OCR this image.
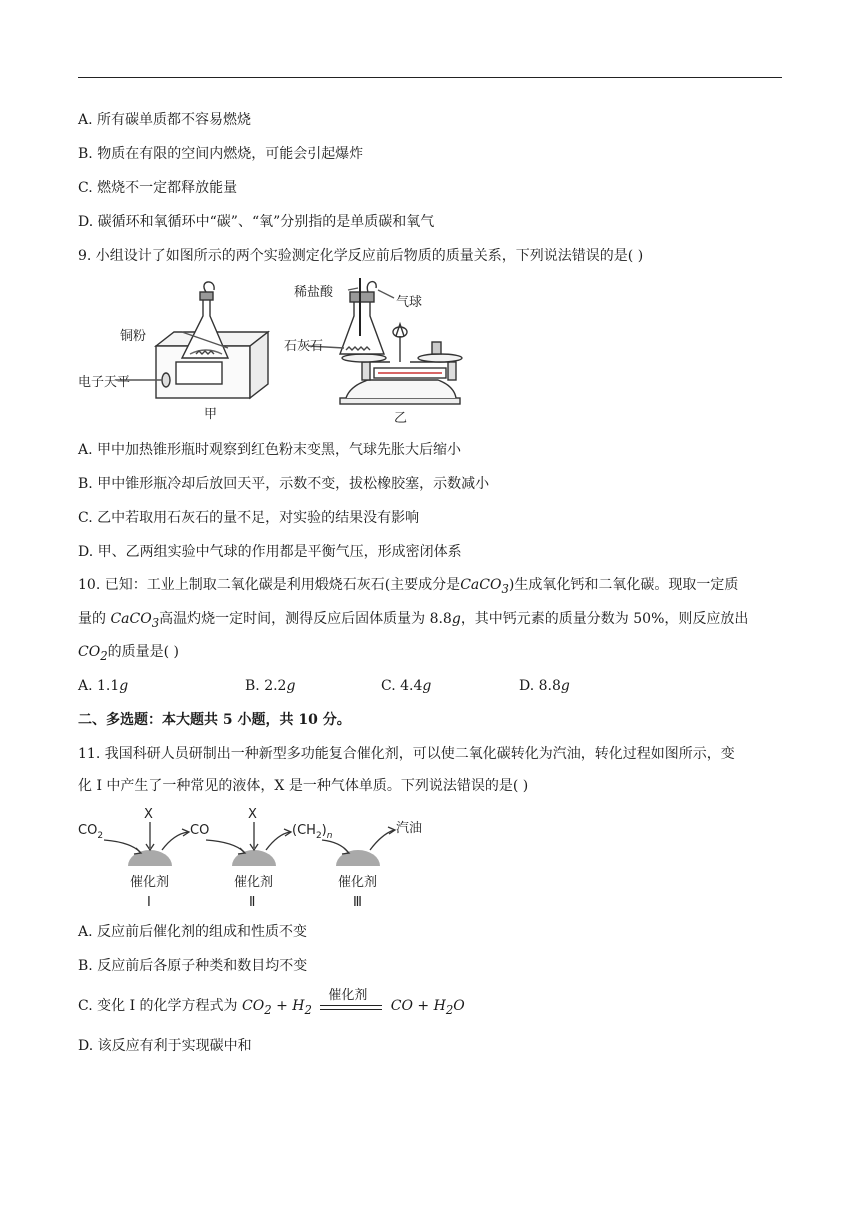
A. 所有碳单质都不容易燃烧
B. 物质在有限的空间内燃烧，可能会引起爆炸
C. 燃烧不一定都释放能量
D. 碳循环和氧循环中“碳”、“氧”分别指的是单质碳和氧气
9. 小组设计了如图所示的两个实验测定化学反应前后物质的质量关系，下列说法错误的是( )
铜粉
电子天平
甲
稀盐酸
气球
石灰石
乙
A. 甲中加热锥形瓶时观察到红色粉末变黑，气球先胀大后缩小
B. 甲中锥形瓶冷却后放回天平，示数不变，拔松橡胶塞，示数减小
C. 乙中若取用石灰石的量不足，对实验的结果没有影响
D. 甲、乙两组实验中气球的作用都是平衡气压，形成密闭体系
10. 已知：工业上制取二氧化碳是利用煅烧石灰石(主要成分是CaCO$_3$)生成氧化钙和二氧化碳。现取一定质
量的 CaCO$_3$高温灼烧一定时间，测得反应后固体质量为 8.8g，其中钙元素的质量分数为 50%，则反应放出
$CO_2$的质量是( )
A. 1.1g	B. 2.2g	C. 4.4g	D. 8.8g
二、多选题：本大题共 5 小题，共 10 分。
11. 我国科研人员研制出一种新型多功能复合催化剂，可以使二氧化碳转化为汽油，转化过程如图所示，变
化 I 中产生了一种常见的液体，X 是一种气体单质。下列说法错误的是( )
$CO_2$
X
CO
X
$(CH_2)_n$	汽油
催化剂	催化剂	催化剂
I	Ⅱ	Ⅲ
A. 反应前后催化剂的组成和性质不变
B. 反应前后各原子种类和数目均不变
C. 变化 I 的化学方程式为 $CO_2 + H_2$
催化剂
CO + $H_2O$
D. 该反应有利于实现碳中和
